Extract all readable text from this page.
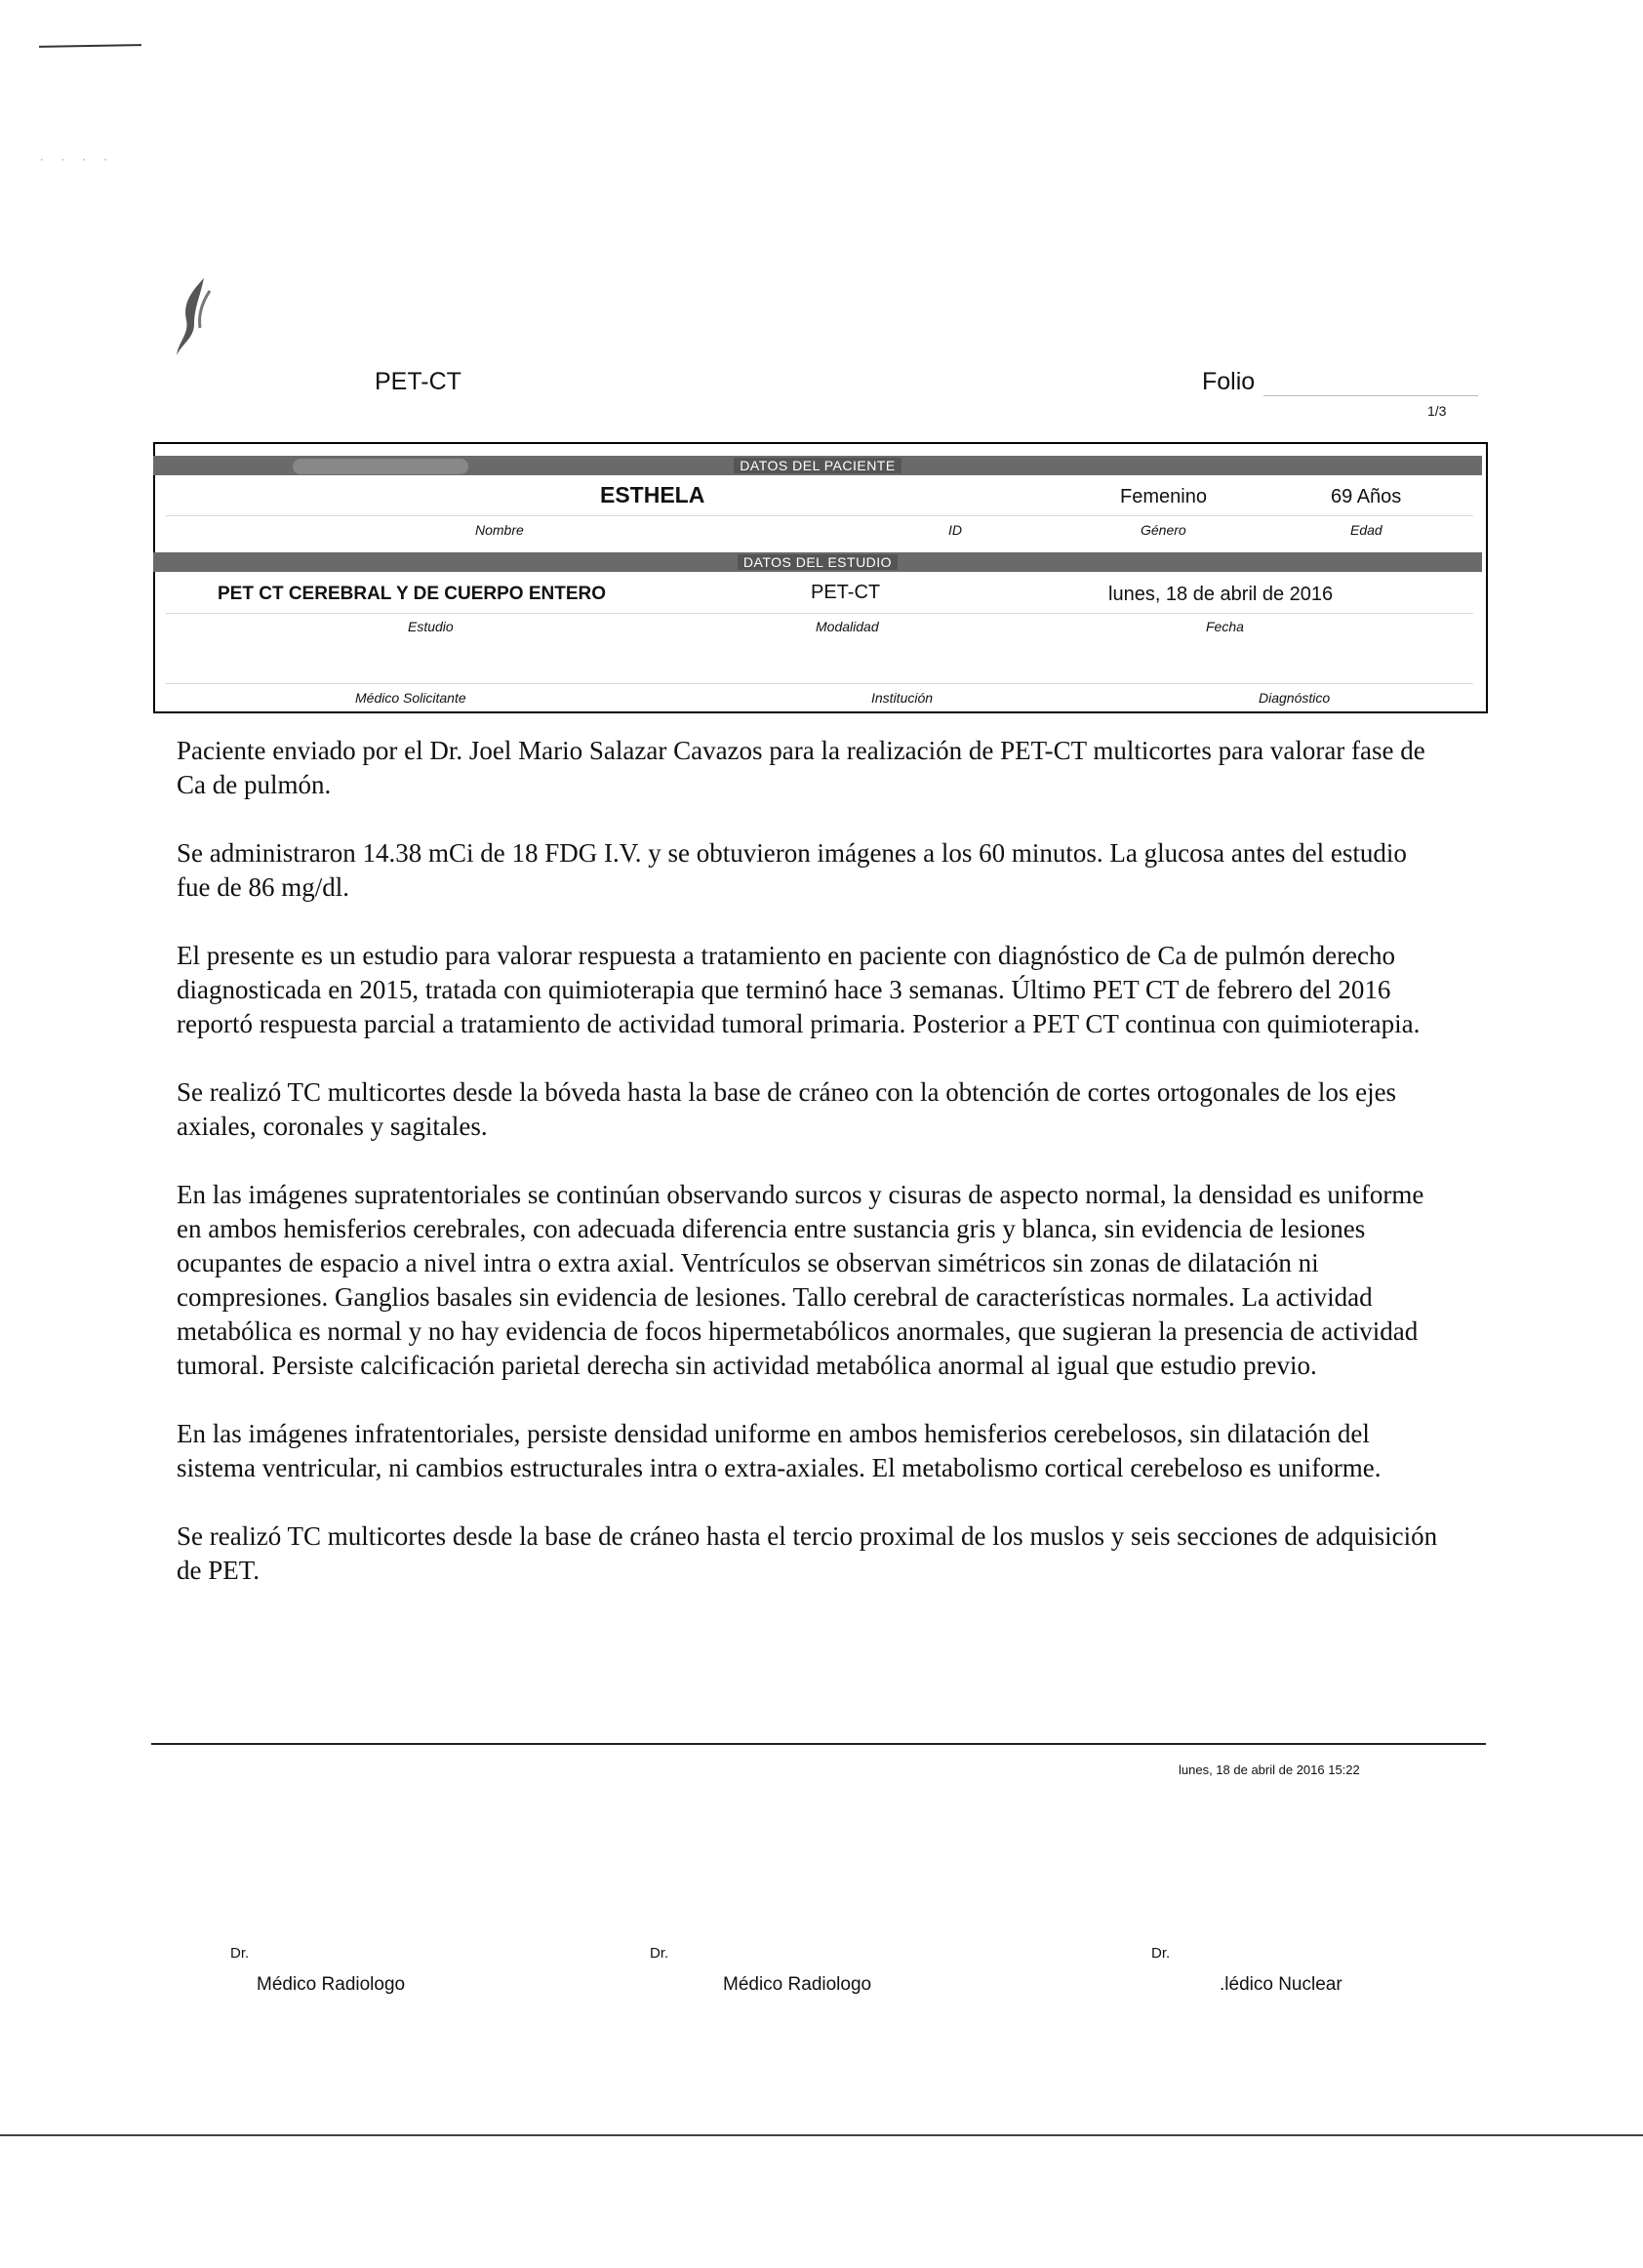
· · · ·
PET-CT	Folio
1/3
DATOS DEL PACIENTE
ESTHELA	Femenino	69 Años
Nombre	ID	Género	Edad
DATOS DEL ESTUDIO
PET CT CEREBRAL Y DE CUERPO ENTERO	PET-CT	lunes, 18 de abril de 2016
Estudio	Modalidad	Fecha
Médico Solicitante	Institución	Diagnóstico

Paciente enviado por el Dr. Joel Mario Salazar Cavazos para la realización de PET-CT multicortes para valorar fase de Ca de pulmón.

Se administraron 14.38 mCi de 18 FDG I.V. y se obtuvieron imágenes a los 60 minutos. La glucosa antes del estudio fue de 86 mg/dl.

El presente es un estudio para valorar respuesta a tratamiento en paciente con diagnóstico de Ca de pulmón derecho diagnosticada en 2015, tratada con quimioterapia que terminó hace 3 semanas. Último PET CT de febrero del 2016 reportó respuesta parcial a tratamiento de actividad tumoral primaria. Posterior a PET CT continua con quimioterapia.

Se realizó TC multicortes desde la bóveda hasta la base de cráneo con la obtención de cortes ortogonales de los ejes axiales, coronales y sagitales.

En las imágenes supratentoriales se continúan observando surcos y cisuras de aspecto normal, la densidad es uniforme en ambos hemisferios cerebrales, con adecuada diferencia entre sustancia gris y blanca, sin evidencia de lesiones ocupantes de espacio a nivel intra o extra axial. Ventrículos se observan simétricos sin zonas de dilatación ni compresiones. Ganglios basales sin evidencia de lesiones. Tallo cerebral de características normales. La actividad metabólica es normal y no hay evidencia de focos hipermetabólicos anormales, que sugieran la presencia de actividad tumoral. Persiste calcificación parietal derecha sin actividad metabólica anormal al igual que estudio previo.

En las imágenes infratentoriales, persiste densidad uniforme en ambos hemisferios cerebelosos, sin dilatación del sistema ventricular, ni cambios estructurales intra o extra-axiales. El metabolismo cortical cerebeloso es uniforme.

Se realizó TC multicortes desde la base de cráneo hasta el tercio proximal de los muslos y seis secciones de adquisición de PET.

lunes, 18 de abril de 2016 15:22
Dr.
Médico Radiologo
Dr.
Médico Radiologo
Dr.
.lédico Nuclear
